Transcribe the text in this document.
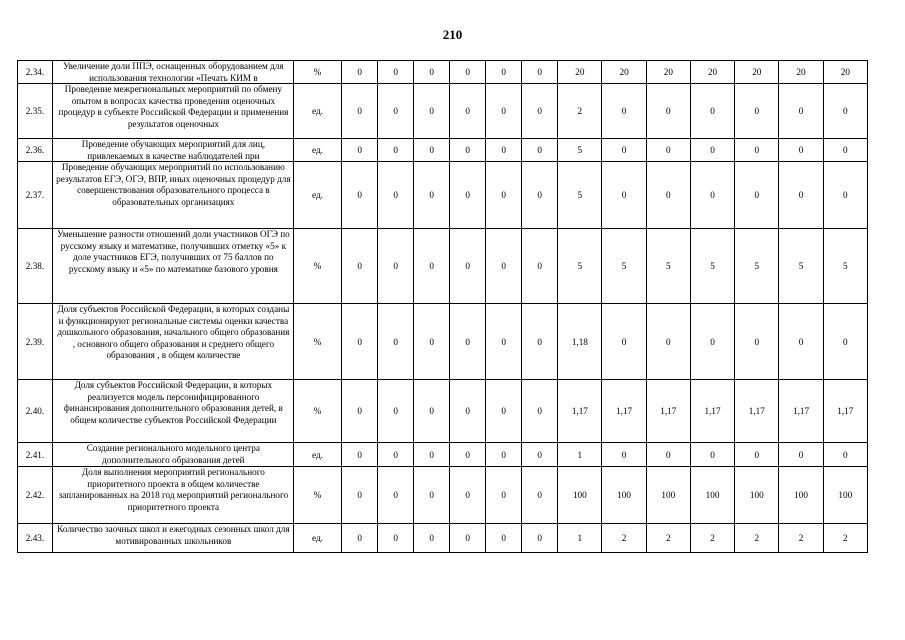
210
2.34.	Увеличение доли ППЭ, оснащенных оборудованием для использования технологии «Печать КИМ в	%	0	0	0	0	0	0	20	20	20	20	20	20	20
2.35.	Проведение межрегиональных мероприятий по обмену опытом в вопросах качества проведения оценочных процедур в субъекте Российской Федерации и применения результатов оценочных	ед.	0	0	0	0	0	0	2	0	0	0	0	0	0
2.36.	Проведение обучающих мероприятий для лиц, привлекаемых в качестве наблюдателей при	ед.	0	0	0	0	0	0	5	0	0	0	0	0	0
2.37.	Проведение обучающих мероприятий по использованию результатов ЕГЭ, ОГЭ, ВПР, иных оценочных процедур для совершенствования образовательного процесса в образовательных организациях	ед.	0	0	0	0	0	0	5	0	0	0	0	0	0
2.38.	Уменьшение разности отношений доли участников ОГЭ по русскому языку и математике, получивших отметку «5» к доле участников ЕГЭ, получивших от 75 баллов по русскому языку и «5» по математике базового уровня	%	0	0	0	0	0	0	5	5	5	5	5	5	5
2.39.	Доля субъектов Российской Федерации, в которых созданы и функционируют региональные системы оценки качества дошкольного образования, начального общего образования , основного общего образования и среднего общего образования , в общем количестве	%	0	0	0	0	0	0	1,18	0	0	0	0	0	0
2.40.	Доля субъектов Российской Федерации, в которых реализуется модель персонифицированного финансирования дополнительного образования детей, в общем количестве субъектов Российской Федерации	%	0	0	0	0	0	0	1,17	1,17	1,17	1,17	1,17	1,17	1,17
2.41.	Создание регионального модельного центра дополнительного образования детей	ед.	0	0	0	0	0	0	1	0	0	0	0	0	0
2.42.	Доля выполнения мероприятий регионального приоритетного проекта в общем количестве запланированных на 2018 год мероприятий регионального приоритетного проекта	%	0	0	0	0	0	0	100	100	100	100	100	100	100
2.43.	Количество заочных школ и ежегодных сезонных школ для мотивированных школьников	ед.	0	0	0	0	0	0	1	2	2	2	2	2	2
